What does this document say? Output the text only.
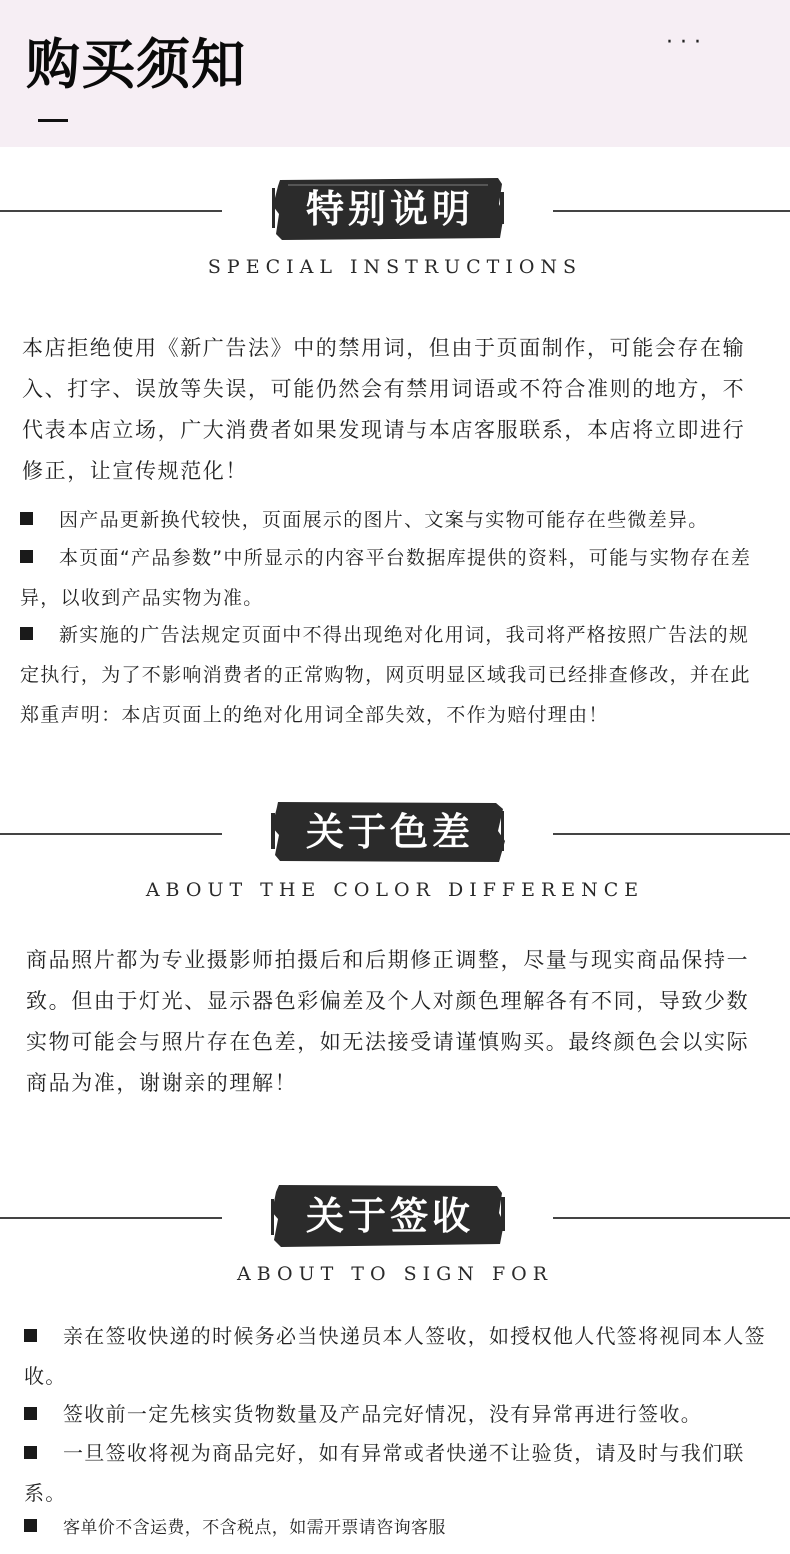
购买须知	···
特别说明
SPECIAL INSTRUCTIONS
本店拒绝使用《新广告法》中的禁用词，但由于页面制作，可能会存在输入、打字、误放等失误，可能仍然会有禁用词语或不符合准则的地方，不代表本店立场，广大消费者如果发现请与本店客服联系，本店将立即进行修正，让宣传规范化！
因产品更新换代较快，页面展示的图片、文案与实物可能存在些微差异。
本页面“产品参数”中所显示的内容平台数据库提供的资料，可能与实物存在差异，以收到产品实物为准。
新实施的广告法规定页面中不得出现绝对化用词，我司将严格按照广告法的规定执行，为了不影响消费者的正常购物，网页明显区域我司已经排查修改，并在此郑重声明：本店页面上的绝对化用词全部失效，不作为赔付理由！
关于色差
ABOUT THE COLOR DIFFERENCE
商品照片都为专业摄影师拍摄后和后期修正调整，尽量与现实商品保持一致。但由于灯光、显示器色彩偏差及个人对颜色理解各有不同，导致少数实物可能会与照片存在色差，如无法接受请谨慎购买。最终颜色会以实际商品为准，谢谢亲的理解！
关于签收
ABOUT TO SIGN FOR
亲在签收快递的时候务必当快递员本人签收，如授权他人代签将视同本人签收。
签收前一定先核实货物数量及产品完好情况，没有异常再进行签收。
一旦签收将视为商品完好，如有异常或者快递不让验货，请及时与我们联系。
客单价不含运费，不含税点，如需开票请咨询客服
